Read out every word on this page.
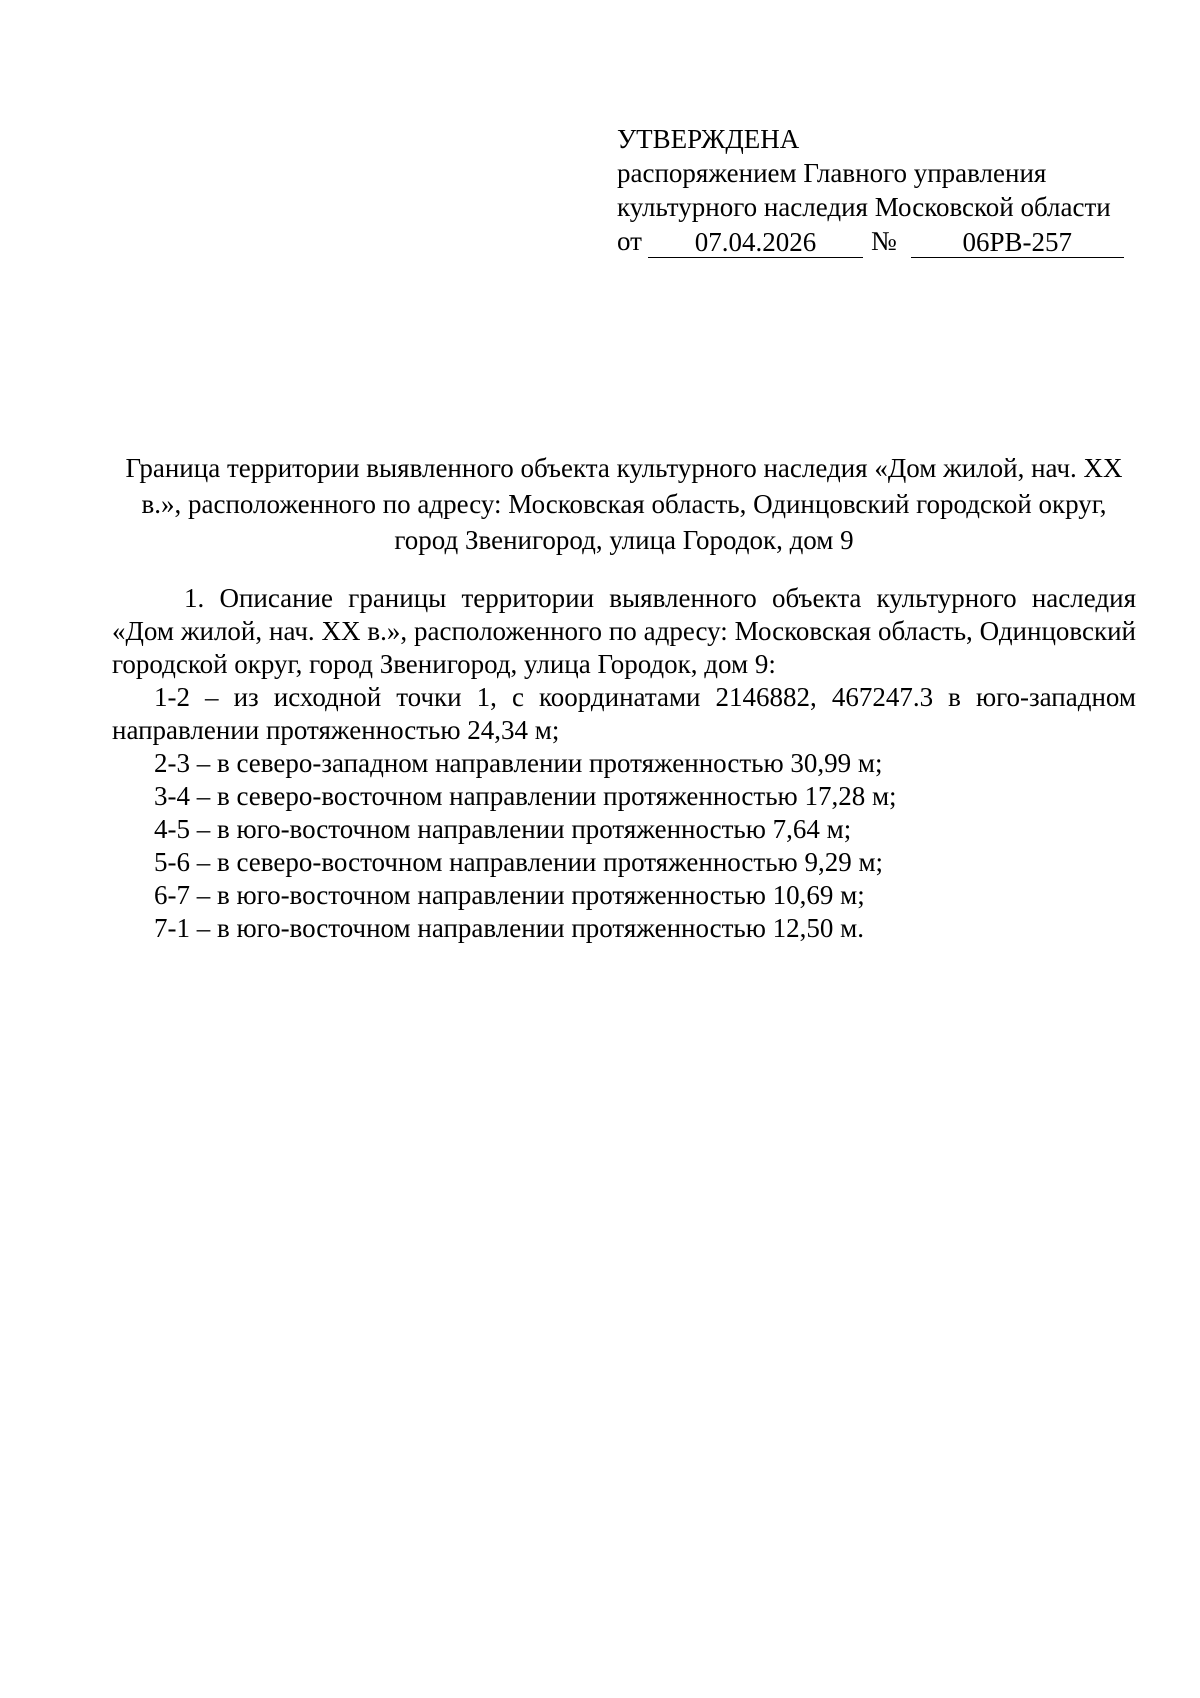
УТВЕРЖДЕНА
распоряжением Главного управления
культурного наследия Московской области
от	07.04.2026	№	06РВ-257
Граница территории выявленного объекта культурного наследия «Дом жилой, нач. XX в.», расположенного по адресу: Московская область, Одинцовский городской округ, город Звенигород, улица Городок, дом 9

1. Описание границы территории выявленного объекта культурного наследия «Дом жилой, нач. XX в.», расположенного по адресу: Московская область, Одинцовский городской округ, город Звенигород, улица Городок, дом 9:

1-2 – из исходной точки 1, с координатами 2146882, 467247.3 в юго-западном направлении протяженностью 24,34 м;

2-3 – в северо-западном направлении протяженностью 30,99 м;

3-4 – в северо-восточном направлении протяженностью 17,28 м;

4-5 – в юго-восточном направлении протяженностью 7,64 м;

5-6 – в северо-восточном направлении протяженностью 9,29 м;

6-7 – в юго-восточном направлении протяженностью 10,69 м;

7-1 – в юго-восточном направлении протяженностью 12,50 м.
